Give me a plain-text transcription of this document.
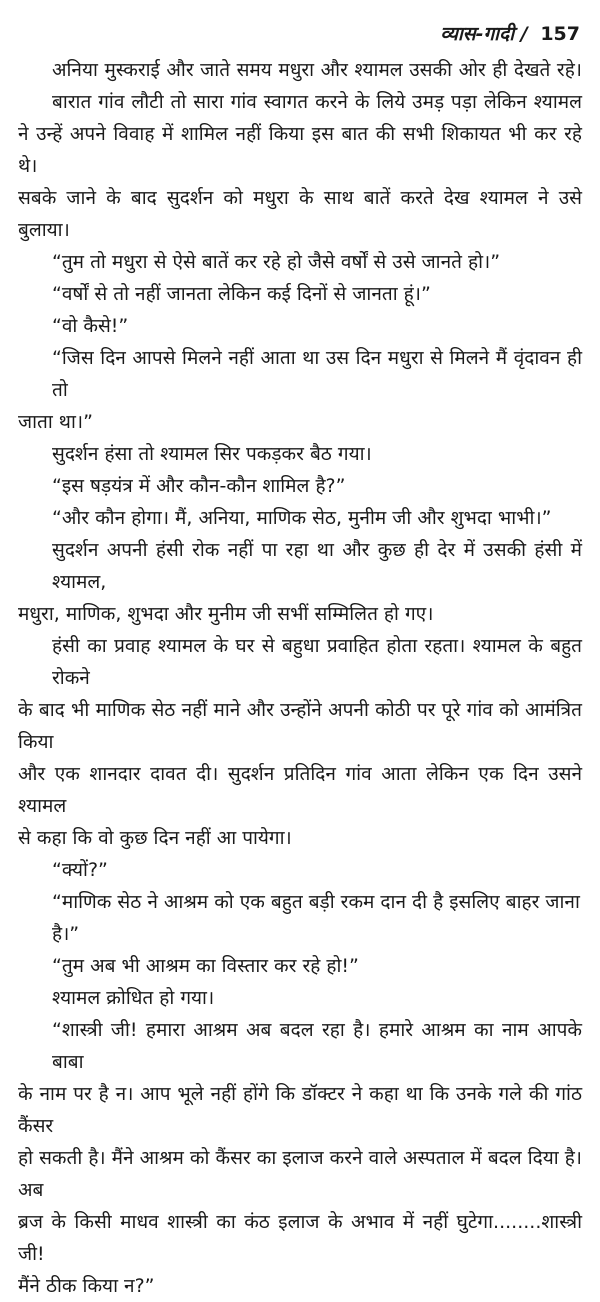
व्यास-गादी / 157
अनिया मुस्कराई और जाते समय मधुरा और श्यामल उसकी ओर ही देखते रहे।
बारात गांव लौटी तो सारा गांव स्वागत करने के लिये उमड़ पड़ा लेकिन श्यामल
ने उन्हें अपने विवाह में शामिल नहीं किया इस बात की सभी शिकायत भी कर रहे थे।
सबके जाने के बाद सुदर्शन को मधुरा के साथ बातें करते देख श्यामल ने उसे बुलाया।
“तुम तो मधुरा से ऐसे बातें कर रहे हो जैसे वर्षों से उसे जानते हो।”
“वर्षों से तो नहीं जानता लेकिन कई दिनों से जानता हूं।”
“वो कैसे!”
“जिस दिन आपसे मिलने नहीं आता था उस दिन मधुरा से मिलने मैं वृंदावन ही तो
जाता था।”
सुदर्शन हंसा तो श्यामल सिर पकड़कर बैठ गया।
“इस षड़यंत्र में और कौन-कौन शामिल है?”
“और कौन होगा। मैं, अनिया, माणिक सेठ, मुनीम जी और शुभदा भाभी।”
सुदर्शन अपनी हंसी रोक नहीं पा रहा था और कुछ ही देर में उसकी हंसी में श्यामल,
मधुरा, माणिक, शुभदा और मुनीम जी सभीं सम्मिलित हो गए।
हंसी का प्रवाह श्यामल के घर से बहुधा प्रवाहित होता रहता। श्यामल के बहुत रोकने
के बाद भी माणिक सेठ नहीं माने और उन्होंने अपनी कोठी पर पूरे गांव को आमंत्रित किया
और एक शानदार दावत दी। सुदर्शन प्रतिदिन गांव आता लेकिन एक दिन उसने श्यामल
से कहा कि वो कुछ दिन नहीं आ पायेगा।
“क्यों?”
“माणिक सेठ ने आश्रम को एक बहुत बड़ी रकम दान दी है इसलिए बाहर जाना है।”
“तुम अब भी आश्रम का विस्तार कर रहे हो!”
श्यामल क्रोधित हो गया।
“शास्त्री जी! हमारा आश्रम अब बदल रहा है। हमारे आश्रम का नाम आपके बाबा
के नाम पर है न। आप भूले नहीं होंगे कि डॉक्टर ने कहा था कि उनके गले की गांठ कैंसर
हो सकती है। मैंने आश्रम को कैंसर का इलाज करने वाले अस्पताल में बदल दिया है। अब
ब्रज के किसी माधव शास्त्री का कंठ इलाज के अभाव में नहीं घुटेगा........शास्त्री जी!
मैंने ठीक किया न?”
